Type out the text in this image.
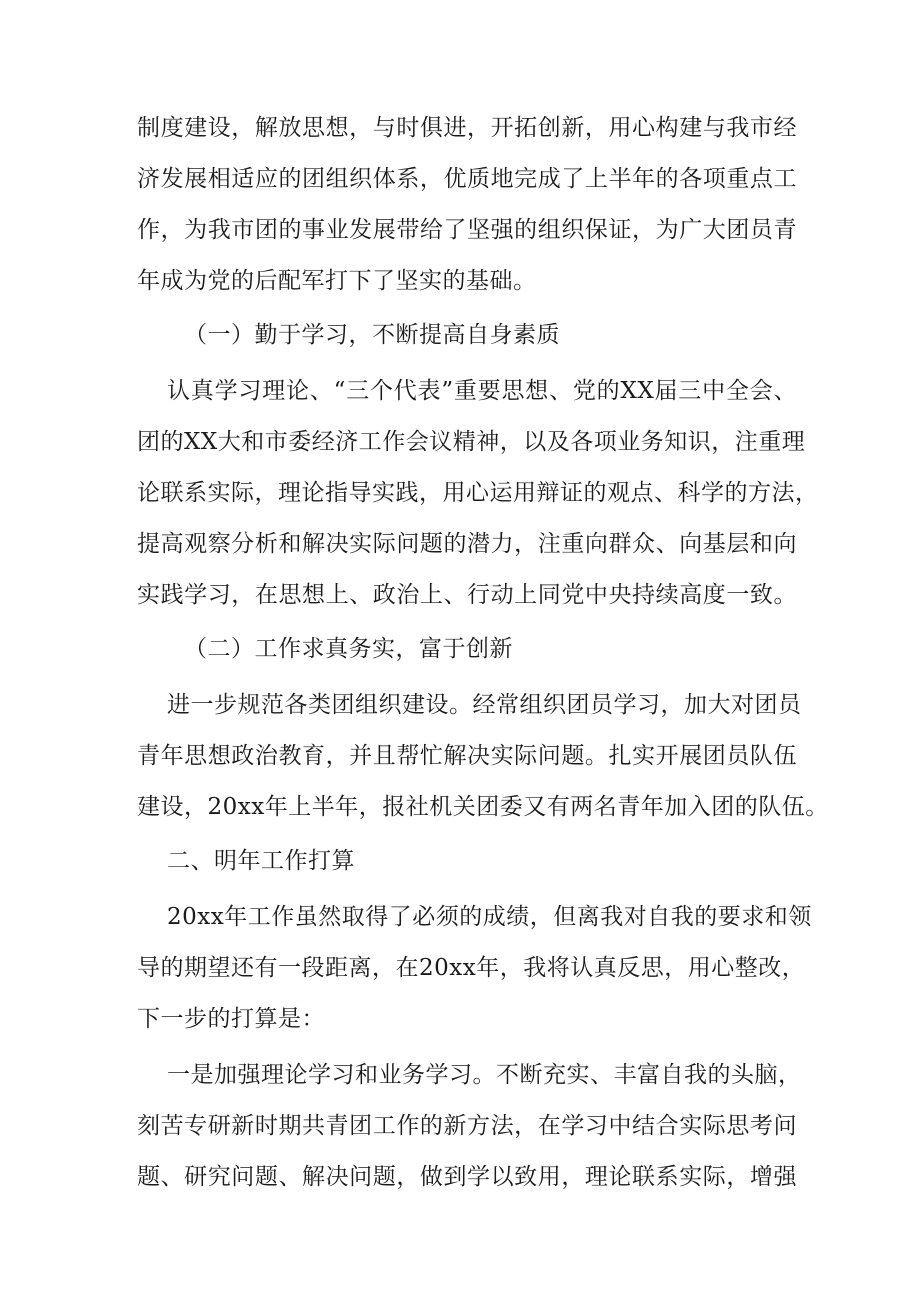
制度建设，解放思想，与时俱进，开拓创新，用心构建与我市经
济发展相适应的团组织体系，优质地完成了上半年的各项重点工
作，为我市团的事业发展带给了坚强的组织保证，为广大团员青
年成为党的后配军打下了坚实的基础。
（一）勤于学习，不断提高自身素质
认真学习理论、“三个代表”重要思想、党的XX届三中全会、
团的XX大和市委经济工作会议精神，以及各项业务知识，注重理
论联系实际，理论指导实践，用心运用辩证的观点、科学的方法，
提高观察分析和解决实际问题的潜力，注重向群众、向基层和向
实践学习，在思想上、政治上、行动上同党中央持续高度一致。
（二）工作求真务实，富于创新
进一步规范各类团组织建设。经常组织团员学习，加大对团员
青年思想政治教育，并且帮忙解决实际问题。扎实开展团员队伍
建设，20xx年上半年，报社机关团委又有两名青年加入团的队伍。
二、明年工作打算
20xx年工作虽然取得了必须的成绩，但离我对自我的要求和领
导的期望还有一段距离，在20xx年，我将认真反思，用心整改，
下一步的打算是：
一是加强理论学习和业务学习。不断充实、丰富自我的头脑，
刻苦专研新时期共青团工作的新方法，在学习中结合实际思考问
题、研究问题、解决问题，做到学以致用，理论联系实际，增强
